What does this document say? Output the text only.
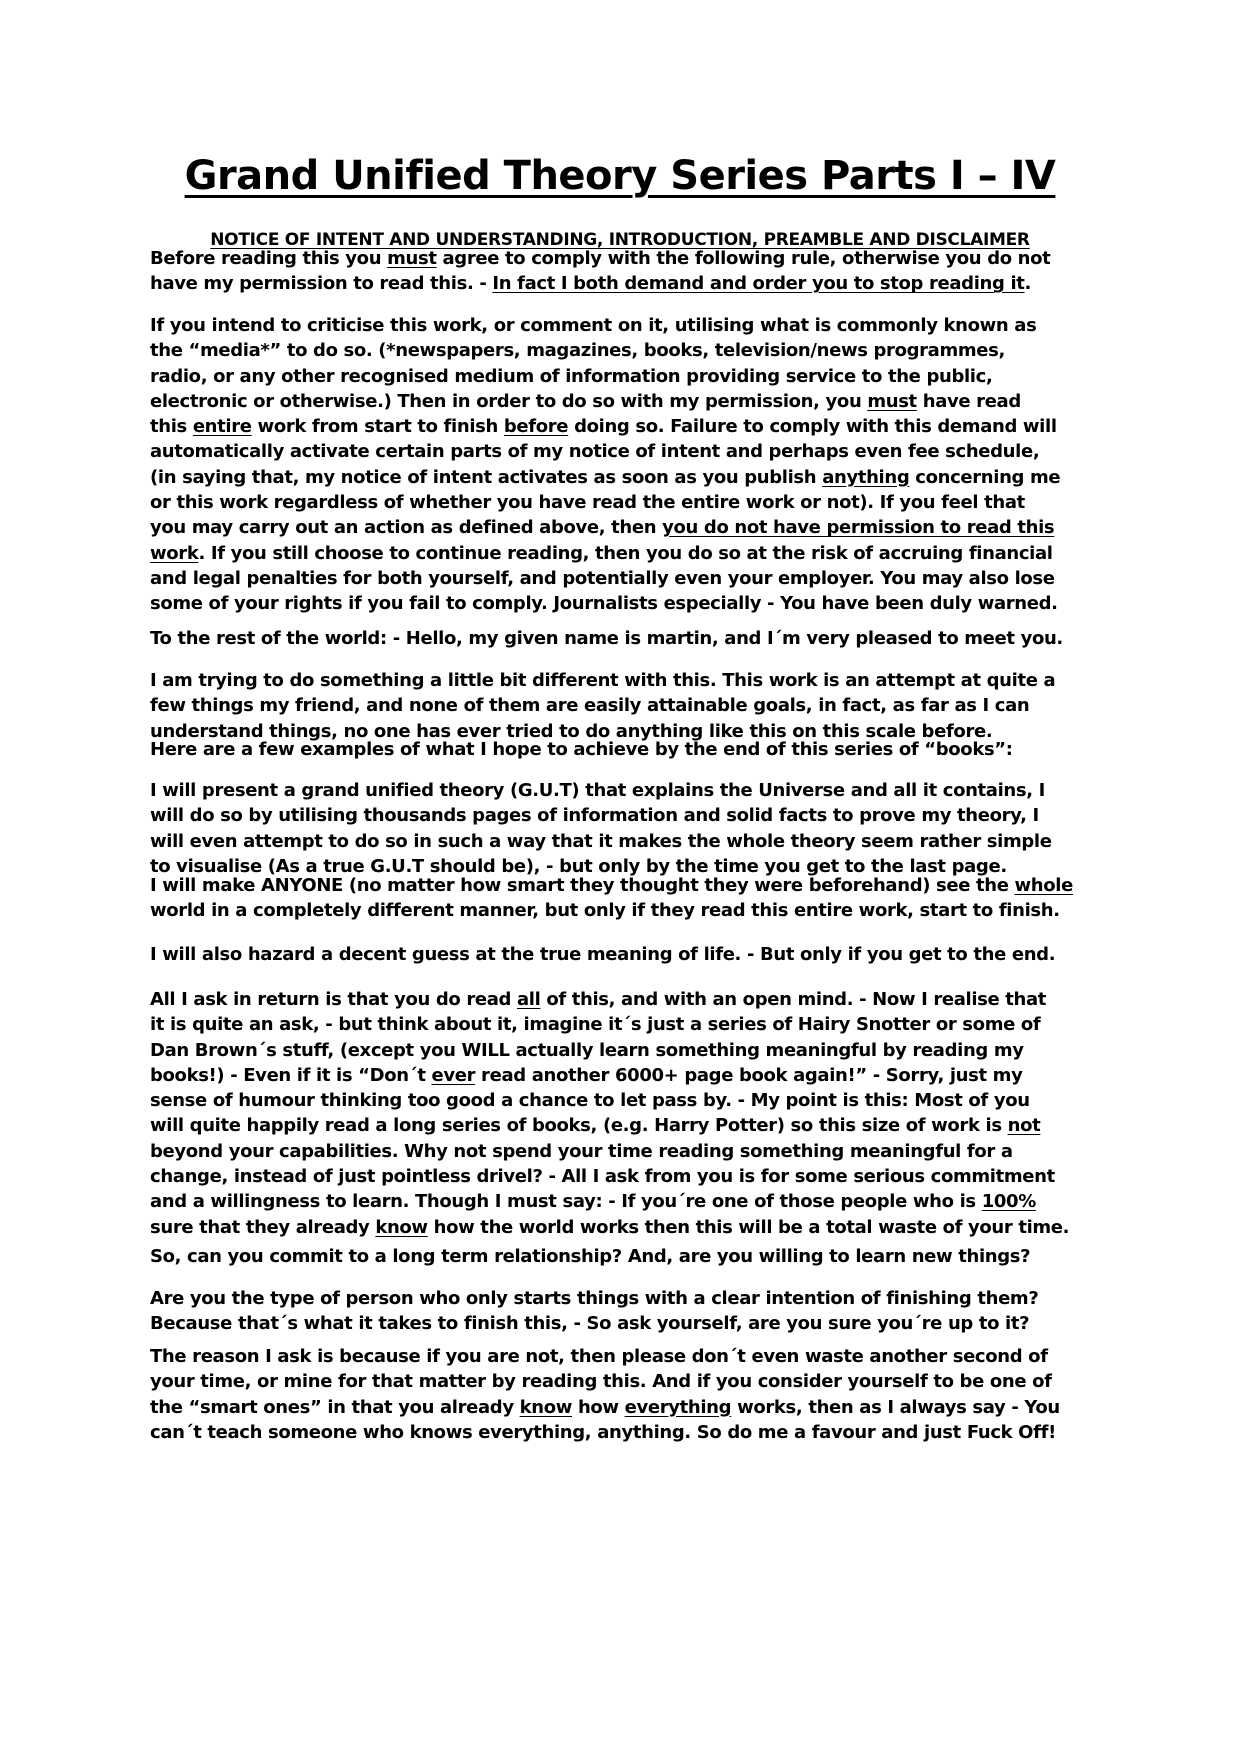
Grand Unified Theory Series Parts I – IV
NOTICE OF INTENT AND UNDERSTANDING, INTRODUCTION, PREAMBLE AND DISCLAIMER

Before reading this you must agree to comply with the following rule, otherwise you do not
have my permission to read this. - In fact I both demand and order you to stop reading it.

If you intend to criticise this work, or comment on it, utilising what is commonly known as
the “media*” to do so. (*newspapers, magazines, books, television/news programmes,
radio, or any other recognised medium of information providing service to the public,
electronic or otherwise.) Then in order to do so with my permission, you must have read
this entire work from start to finish before doing so. Failure to comply with this demand will
automatically activate certain parts of my notice of intent and perhaps even fee schedule,
(in saying that, my notice of intent activates as soon as you publish anything concerning me
or this work regardless of whether you have read the entire work or not). If you feel that
you may carry out an action as defined above, then you do not have permission to read this
work. If you still choose to continue reading, then you do so at the risk of accruing financial
and legal penalties for both yourself, and potentially even your employer. You may also lose
some of your rights if you fail to comply. Journalists especially - You have been duly warned.

To the rest of the world: - Hello, my given name is martin, and I´m very pleased to meet you.

I am trying to do something a little bit different with this. This work is an attempt at quite a
few things my friend, and none of them are easily attainable goals, in fact, as far as I can
understand things, no one has ever tried to do anything like this on this scale before.

Here are a few examples of what I hope to achieve by the end of this series of “books”:

I will present a grand unified theory (G.U.T) that explains the Universe and all it contains, I
will do so by utilising thousands pages of information and solid facts to prove my theory, I
will even attempt to do so in such a way that it makes the whole theory seem rather simple
to visualise (As a true G.U.T should be), - but only by the time you get to the last page.

I will make ANYONE (no matter how smart they thought they were beforehand) see the whole
world in a completely different manner, but only if they read this entire work, start to finish.

I will also hazard a decent guess at the true meaning of life. - But only if you get to the end.

All I ask in return is that you do read all of this, and with an open mind. - Now I realise that
it is quite an ask, - but think about it, imagine it´s just a series of Hairy Snotter or some of
Dan Brown´s stuff, (except you WILL actually learn something meaningful by reading my
books!) - Even if it is “Don´t ever read another 6000+ page book again!” - Sorry, just my
sense of humour thinking too good a chance to let pass by. - My point is this: Most of you
will quite happily read a long series of books, (e.g. Harry Potter) so this size of work is not
beyond your capabilities. Why not spend your time reading something meaningful for a
change, instead of just pointless drivel? - All I ask from you is for some serious commitment
and a willingness to learn. Though I must say: - If you´re one of those people who is 100%
sure that they already know how the world works then this will be a total waste of your time.

So, can you commit to a long term relationship? And, are you willing to learn new things?

Are you the type of person who only starts things with a clear intention of finishing them?
Because that´s what it takes to finish this, - So ask yourself, are you sure you´re up to it?

The reason I ask is because if you are not, then please don´t even waste another second of
your time, or mine for that matter by reading this. And if you consider yourself to be one of
the “smart ones” in that you already know how everything works, then as I always say - You
can´t teach someone who knows everything, anything. So do me a favour and just Fuck Off!
